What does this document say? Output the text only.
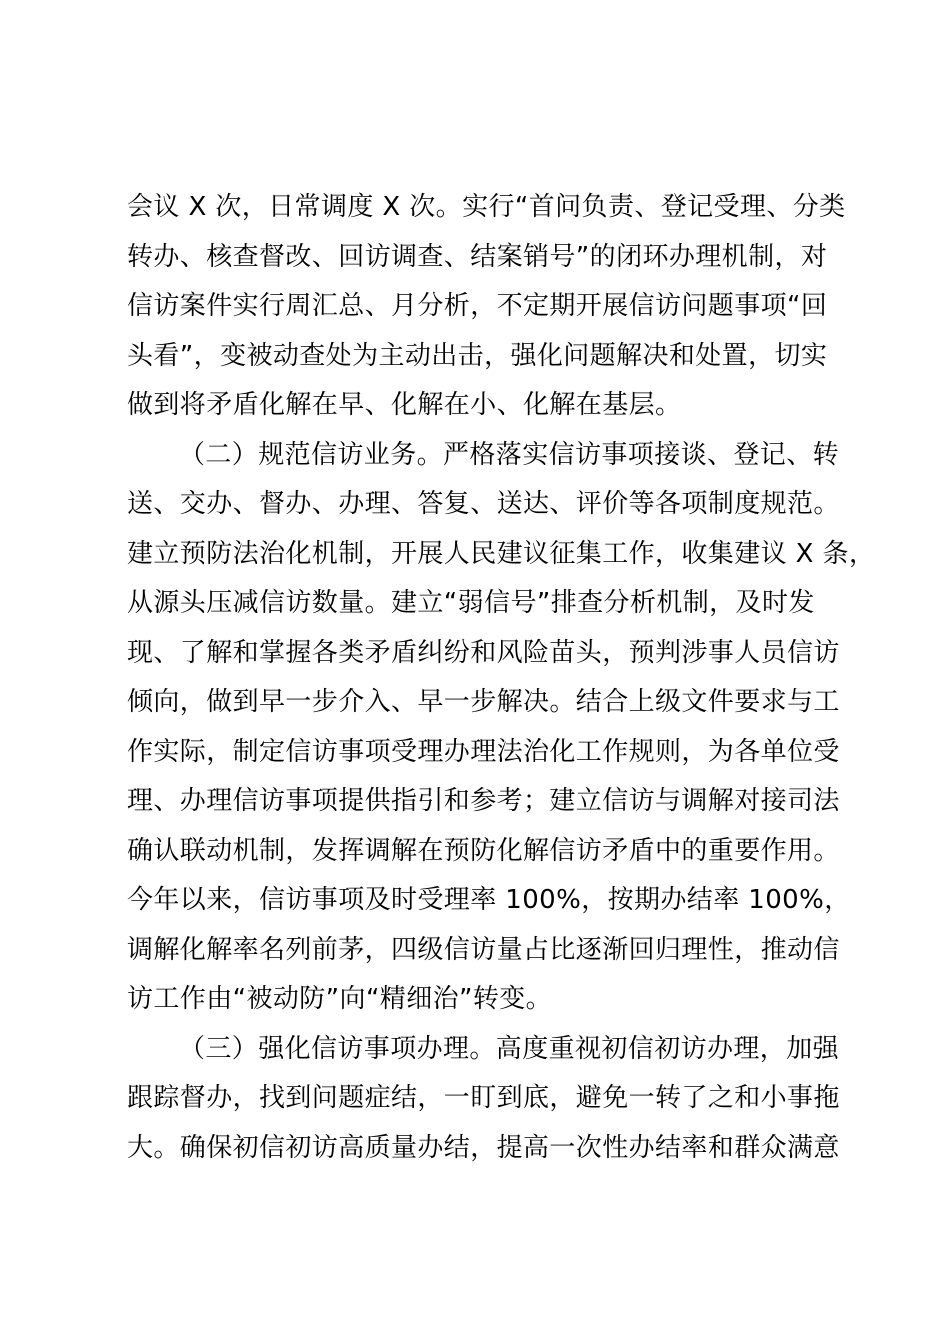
会议 X 次，日常调度 X 次。实行“首问负责、登记受理、分类
转办、核查督改、回访调查、结案销号”的闭环办理机制，对
信访案件实行周汇总、月分析，不定期开展信访问题事项“回
头看”，变被动查处为主动出击，强化问题解决和处置，切实
做到将矛盾化解在早、化解在小、化解在基层。
（二）规范信访业务。严格落实信访事项接谈、登记、转
送、交办、督办、办理、答复、送达、评价等各项制度规范。
建立预防法治化机制，开展人民建议征集工作，收集建议 X 条，
从源头压减信访数量。建立“弱信号”排查分析机制，及时发
现、了解和掌握各类矛盾纠纷和风险苗头，预判涉事人员信访
倾向，做到早一步介入、早一步解决。结合上级文件要求与工
作实际，制定信访事项受理办理法治化工作规则，为各单位受
理、办理信访事项提供指引和参考；建立信访与调解对接司法
确认联动机制，发挥调解在预防化解信访矛盾中的重要作用。
今年以来，信访事项及时受理率 100%，按期办结率 100%，
调解化解率名列前茅，四级信访量占比逐渐回归理性，推动信
访工作由“被动防”向“精细治”转变。
（三）强化信访事项办理。高度重视初信初访办理，加强
跟踪督办，找到问题症结，一盯到底，避免一转了之和小事拖
大。确保初信初访高质量办结，提高一次性办结率和群众满意
